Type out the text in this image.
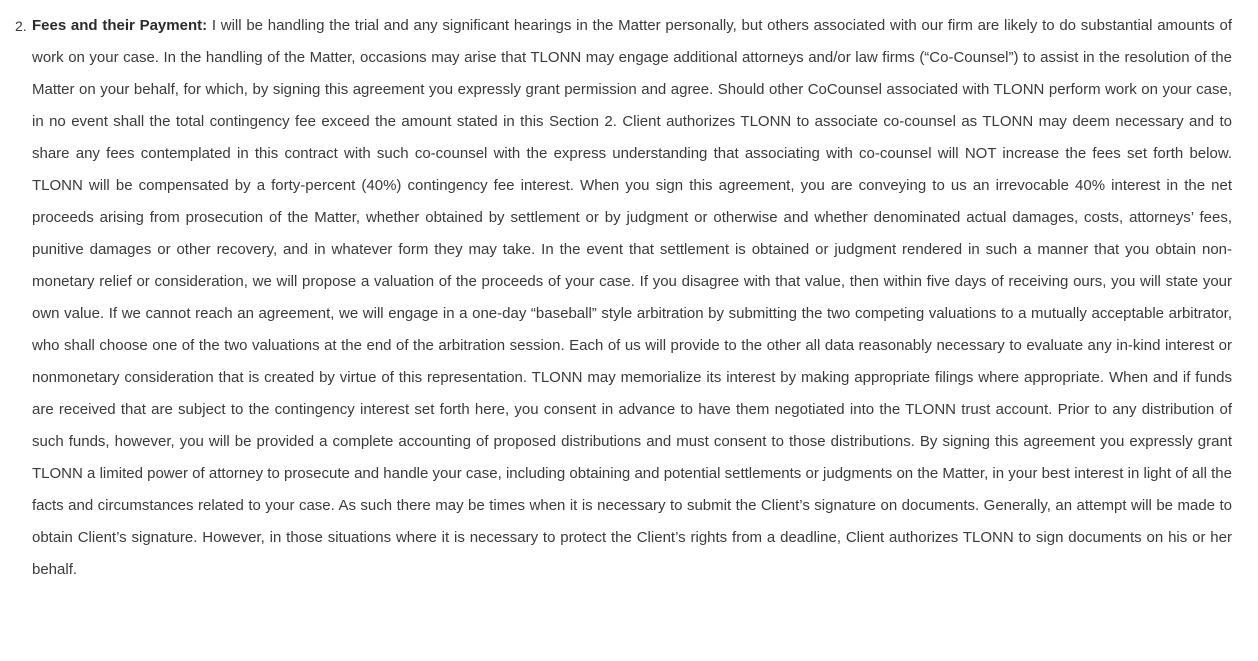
2. Fees and their Payment: I will be handling the trial and any significant hearings in the Matter personally, but others associated with our firm are likely to do substantial amounts of work on your case. In the handling of the Matter, occasions may arise that TLONN may engage additional attorneys and/or law firms (“Co-Counsel”) to assist in the resolution of the Matter on your behalf, for which, by signing this agreement you expressly grant permission and agree. Should other CoCounsel associated with TLONN perform work on your case, in no event shall the total contingency fee exceed the amount stated in this Section 2. Client authorizes TLONN to associate co-counsel as TLONN may deem necessary and to share any fees contemplated in this contract with such co-counsel with the express understanding that associating with co-counsel will NOT increase the fees set forth below. TLONN will be compensated by a forty-percent (40%) contingency fee interest. When you sign this agreement, you are conveying to us an irrevocable 40% interest in the net proceeds arising from prosecution of the Matter, whether obtained by settlement or by judgment or otherwise and whether denominated actual damages, costs, attorneys’ fees, punitive damages or other recovery, and in whatever form they may take. In the event that settlement is obtained or judgment rendered in such a manner that you obtain non-monetary relief or consideration, we will propose a valuation of the proceeds of your case. If you disagree with that value, then within five days of receiving ours, you will state your own value. If we cannot reach an agreement, we will engage in a one-day “baseball” style arbitration by submitting the two competing valuations to a mutually acceptable arbitrator, who shall choose one of the two valuations at the end of the arbitration session. Each of us will provide to the other all data reasonably necessary to evaluate any in-kind interest or nonmonetary consideration that is created by virtue of this representation. TLONN may memorialize its interest by making appropriate filings where appropriate. When and if funds are received that are subject to the contingency interest set forth here, you consent in advance to have them negotiated into the TLONN trust account. Prior to any distribution of such funds, however, you will be provided a complete accounting of proposed distributions and must consent to those distributions. By signing this agreement you expressly grant TLONN a limited power of attorney to prosecute and handle your case, including obtaining and potential settlements or judgments on the Matter, in your best interest in light of all the facts and circumstances related to your case. As such there may be times when it is necessary to submit the Client’s signature on documents. Generally, an attempt will be made to obtain Client’s signature. However, in those situations where it is necessary to protect the Client’s rights from a deadline, Client authorizes TLONN to sign documents on his or her behalf.
